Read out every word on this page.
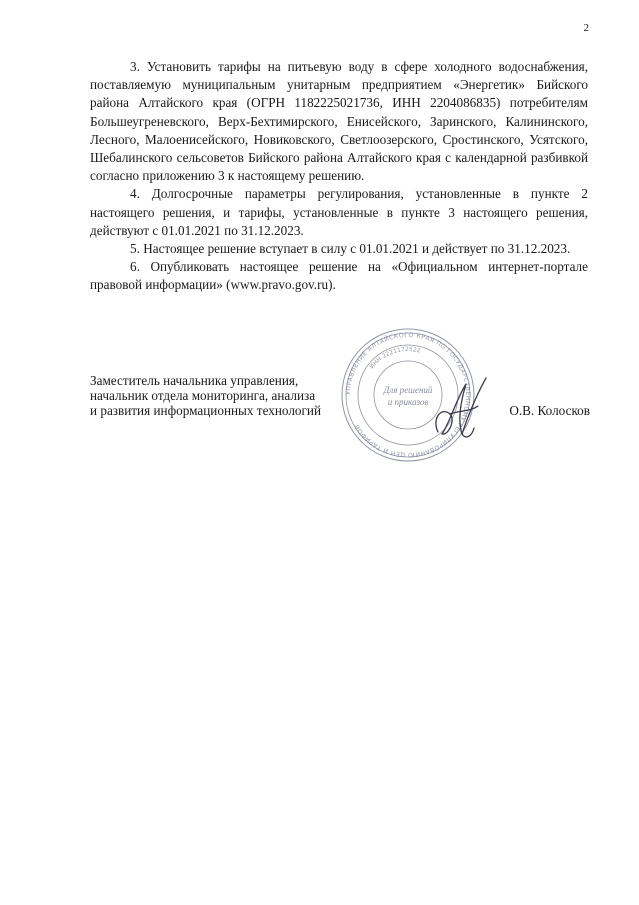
2

3. Установить тарифы на питьевую воду в сфере холодного водоснабжения, поставляемую муниципальным унитарным предприятием «Энергетик» Бийского района Алтайского края (ОГРН 1182225021736, ИНН 2204086835) потребителям Большеугреневского, Верх-Бехтимирского, Енисейского, Заринского, Калининского, Лесного, Малоенисейского, Новиковского, Светлоозерского, Сростинского, Усятского, Шебалинского сельсоветов Бийского района Алтайского края с календарной разбивкой согласно приложению 3 к настоящему решению.

4. Долгосрочные параметры регулирования, установленные в пункте 2 настоящего решения, и тарифы, установленные в пункте 3 настоящего решения, действуют с 01.01.2021 по 31.12.2023.

5. Настоящее решение вступает в силу с 01.01.2021 и действует по 31.12.2023.

6. Опубликовать настоящее решение на «Официальном интернет-портале правовой информации» (www.pravo.gov.ru).

УПРАВЛЕНИЕ АЛТАЙСКОГО КРАЯ ПО ГОСУДАРСТВЕННОМУ РЕГУЛИРОВАНИЮ ЦЕН И ТАРИФОВ
ИНН 2221172522
Для решений
и приказов
Заместитель начальника управления,
начальник отдела мониторинга, анализа
и развития информационных технологий	О.В. Колосков
